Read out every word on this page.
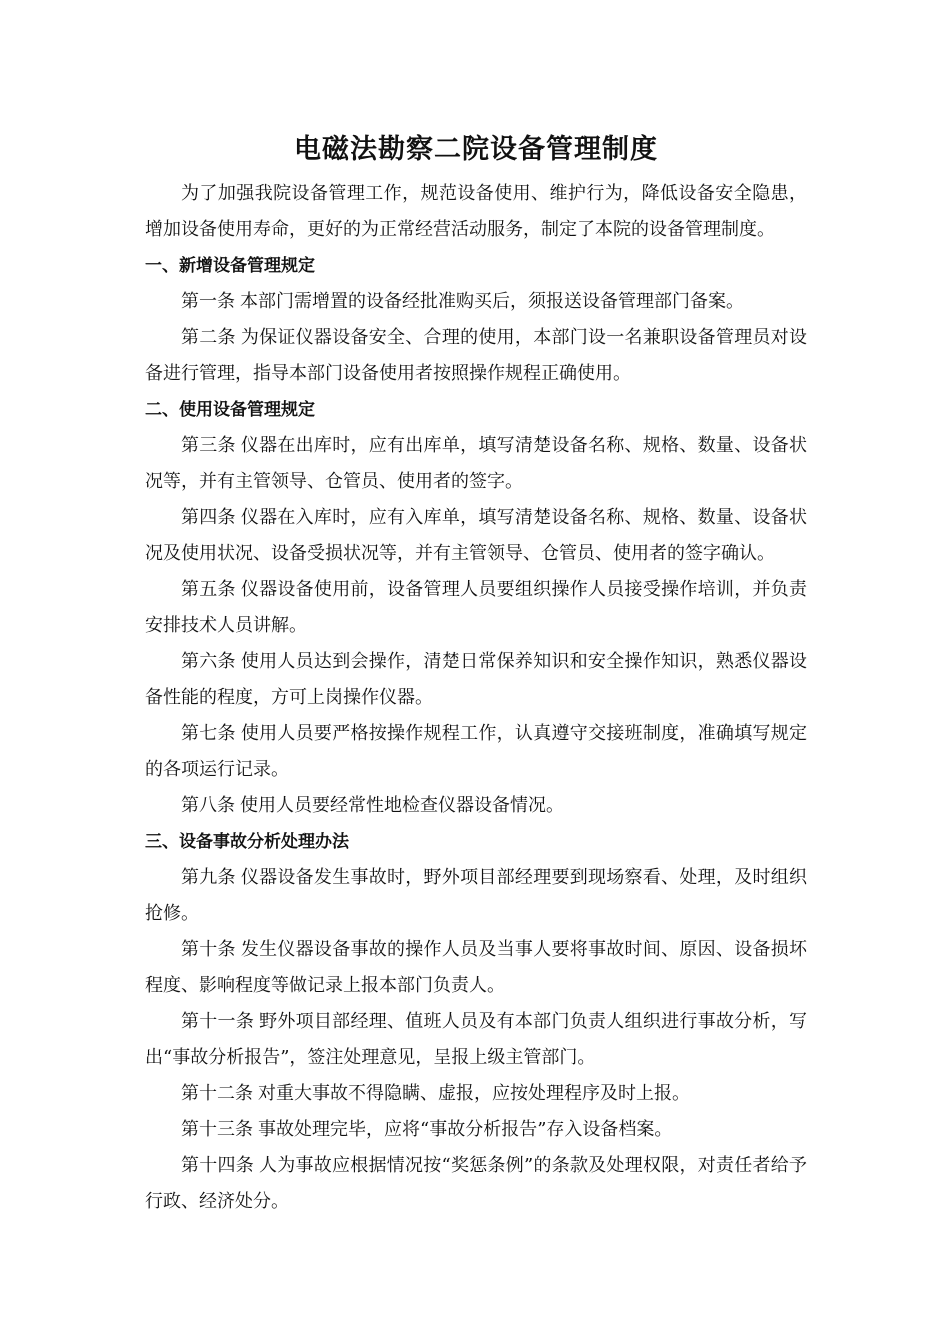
电磁法勘察二院设备管理制度

为了加强我院设备管理工作，规范设备使用、维护行为，降低设备安全隐患，增加设备使用寿命，更好的为正常经营活动服务，制定了本院的设备管理制度。

一、新增设备管理规定

第一条 本部门需增置的设备经批准购买后，须报送设备管理部门备案。

第二条 为保证仪器设备安全、合理的使用，本部门设一名兼职设备管理员对设备进行管理，指导本部门设备使用者按照操作规程正确使用。

二、使用设备管理规定

第三条 仪器在出库时，应有出库单，填写清楚设备名称、规格、数量、设备状况等，并有主管领导、仓管员、使用者的签字。

第四条 仪器在入库时，应有入库单，填写清楚设备名称、规格、数量、设备状况及使用状况、设备受损状况等，并有主管领导、仓管员、使用者的签字确认。

第五条 仪器设备使用前，设备管理人员要组织操作人员接受操作培训，并负责安排技术人员讲解。

第六条 使用人员达到会操作，清楚日常保养知识和安全操作知识，熟悉仪器设备性能的程度，方可上岗操作仪器。

第七条 使用人员要严格按操作规程工作，认真遵守交接班制度，准确填写规定的各项运行记录。

第八条 使用人员要经常性地检查仪器设备情况。

三、设备事故分析处理办法

第九条 仪器设备发生事故时，野外项目部经理要到现场察看、处理，及时组织抢修。

第十条 发生仪器设备事故的操作人员及当事人要将事故时间、原因、设备损坏程度、影响程度等做记录上报本部门负责人。

第十一条 野外项目部经理、值班人员及有本部门负责人组织进行事故分析，写出“事故分析报告”，签注处理意见，呈报上级主管部门。

第十二条 对重大事故不得隐瞒、虚报，应按处理程序及时上报。

第十三条 事故处理完毕，应将“事故分析报告”存入设备档案。

第十四条 人为事故应根据情况按“奖惩条例”的条款及处理权限，对责任者给予行政、经济处分。
